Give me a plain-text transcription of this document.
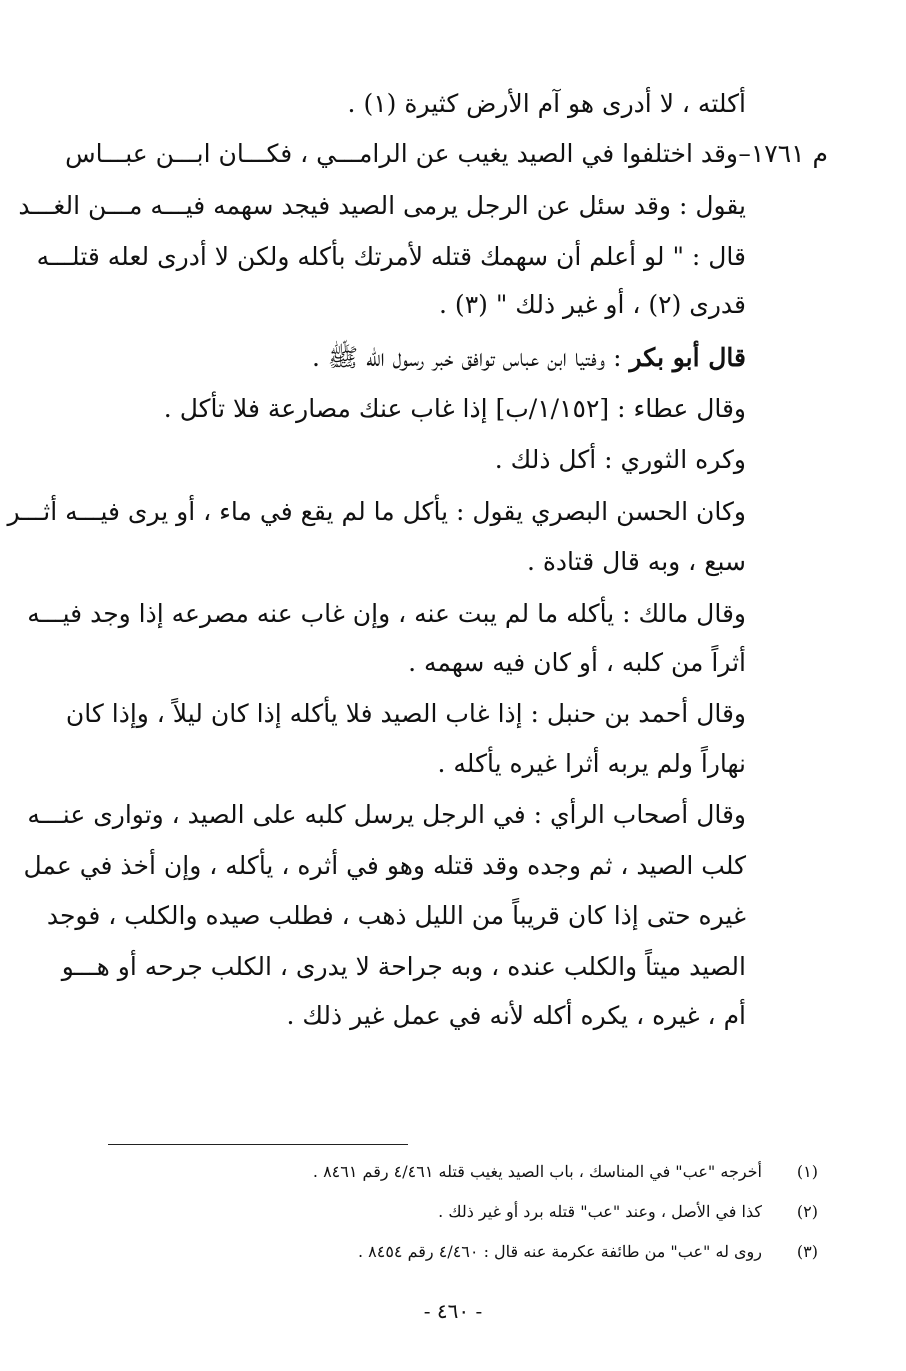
أكلته ، لا أدرى هو آم الأرض كثيرة (١) .
م ١٧٦١–
وقد اختلفوا في الصيد يغيب عن الرامـــي ، فكـــان ابـــن عبـــاس
يقول : وقد سئل عن الرجل يرمى الصيد فيجد سهمه فيـــه مـــن الغـــد
قال : " لو أعلم أن سهمك قتله لأمرتك بأكله ولكن لا أدرى لعله قتلـــه
قدرى (٢) ، أو غير ذلك " (٣) .
قال أبو بكر : وفتيا ابن عباس توافق خبر رسول الله ﷺ .
وقال عطاء : [١/١٥٢/ب] إذا غاب عنك مصارعة فلا تأكل .
وكره الثوري : أكل ذلك .
وكان الحسن البصري يقول : يأكل ما لم يقع في ماء ، أو يرى فيـــه أثـــر
سبع ، وبه قال قتادة .
وقال مالك : يأكله ما لم يبت عنه ، وإن غاب عنه مصرعه إذا وجد فيـــه
أثراً من كلبه ، أو كان فيه سهمه .
وقال أحمد بن حنبل : إذا غاب الصيد فلا يأكله إذا كان ليلاً ، وإذا كان
نهاراً ولم يربه أثرا غيره يأكله .
وقال أصحاب الرأي : في الرجل يرسل كلبه على الصيد ، وتوارى عنـــه
كلب الصيد ، ثم وجده وقد قتله وهو في أثره ، يأكله ، وإن أخذ في عمل
غيره حتى إذا كان قريباً من الليل ذهب ، فطلب صيده والكلب ، فوجد
الصيد ميتاً والكلب عنده ، وبه جراحة لا يدرى ، الكلب جرحه أو هـــو
أم ، غيره ، يكره أكله لأنه في عمل غير ذلك .
(١)
أخرجه "عب" في المناسك ، باب الصيد يغيب قتله ٤/٤٦١ رقم ٨٤٦١ .
(٢)
كذا في الأصل ، وعند "عب" قتله برد أو غير ذلك .
(٣)
روى له "عب" من طائفة عكرمة عنه قال : ٤/٤٦٠ رقم ٨٤٥٤ .
- ٤٦٠ -
